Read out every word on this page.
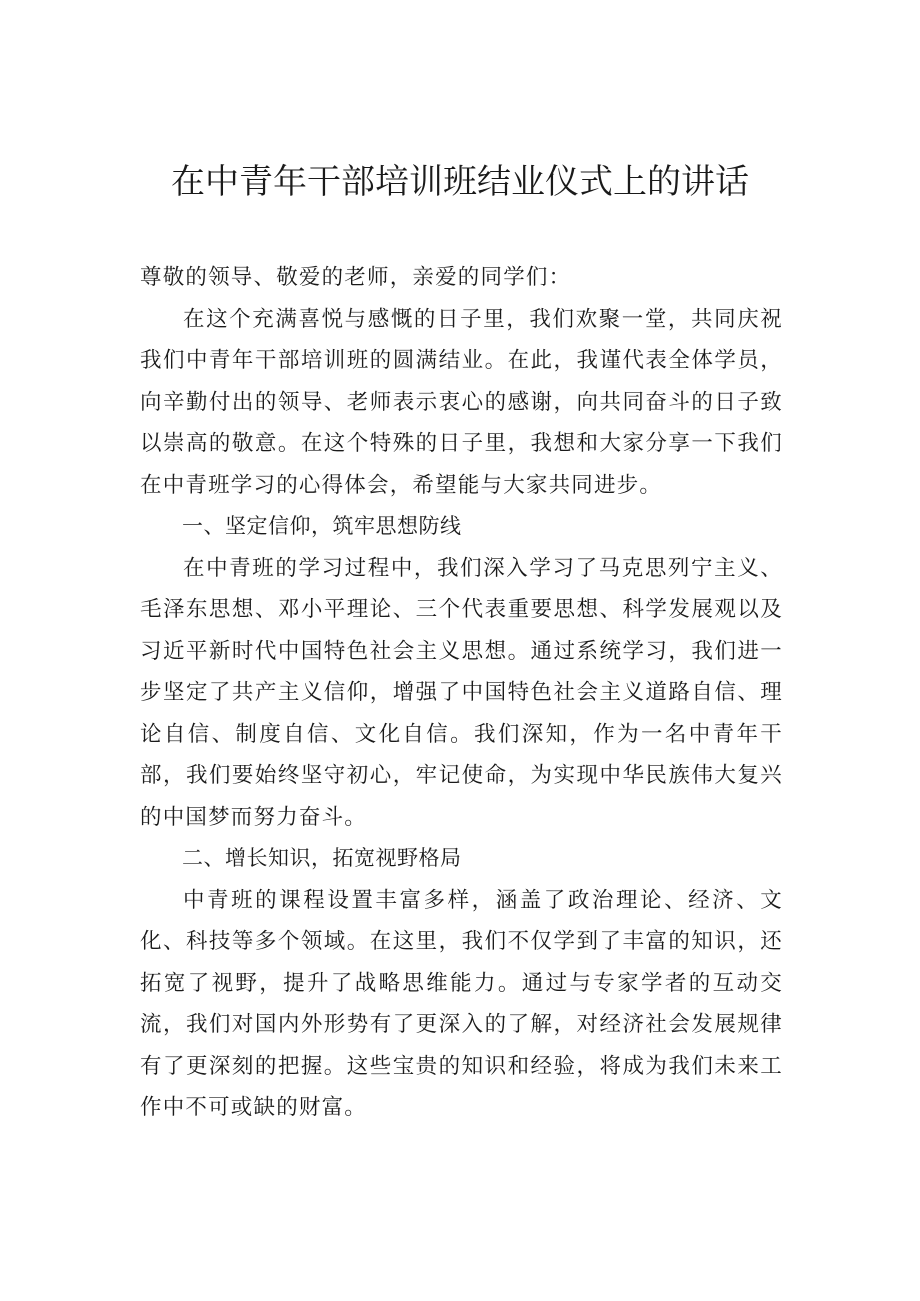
在中青年干部培训班结业仪式上的讲话

尊敬的领导、敬爱的老师，亲爱的同学们：

在这个充满喜悦与感慨的日子里，我们欢聚一堂，共同庆祝我们中青年干部培训班的圆满结业。在此，我谨代表全体学员，向辛勤付出的领导、老师表示衷心的感谢，向共同奋斗的日子致以崇高的敬意。在这个特殊的日子里，我想和大家分享一下我们在中青班学习的心得体会，希望能与大家共同进步。

一、坚定信仰，筑牢思想防线

在中青班的学习过程中，我们深入学习了马克思列宁主义、毛泽东思想、邓小平理论、三个代表重要思想、科学发展观以及习近平新时代中国特色社会主义思想。通过系统学习，我们进一步坚定了共产主义信仰，增强了中国特色社会主义道路自信、理论自信、制度自信、文化自信。我们深知，作为一名中青年干部，我们要始终坚守初心，牢记使命，为实现中华民族伟大复兴的中国梦而努力奋斗。

二、增长知识，拓宽视野格局

中青班的课程设置丰富多样，涵盖了政治理论、经济、文化、科技等多个领域。在这里，我们不仅学到了丰富的知识，还拓宽了视野，提升了战略思维能力。通过与专家学者的互动交流，我们对国内外形势有了更深入的了解，对经济社会发展规律有了更深刻的把握。这些宝贵的知识和经验，将成为我们未来工作中不可或缺的财富。
